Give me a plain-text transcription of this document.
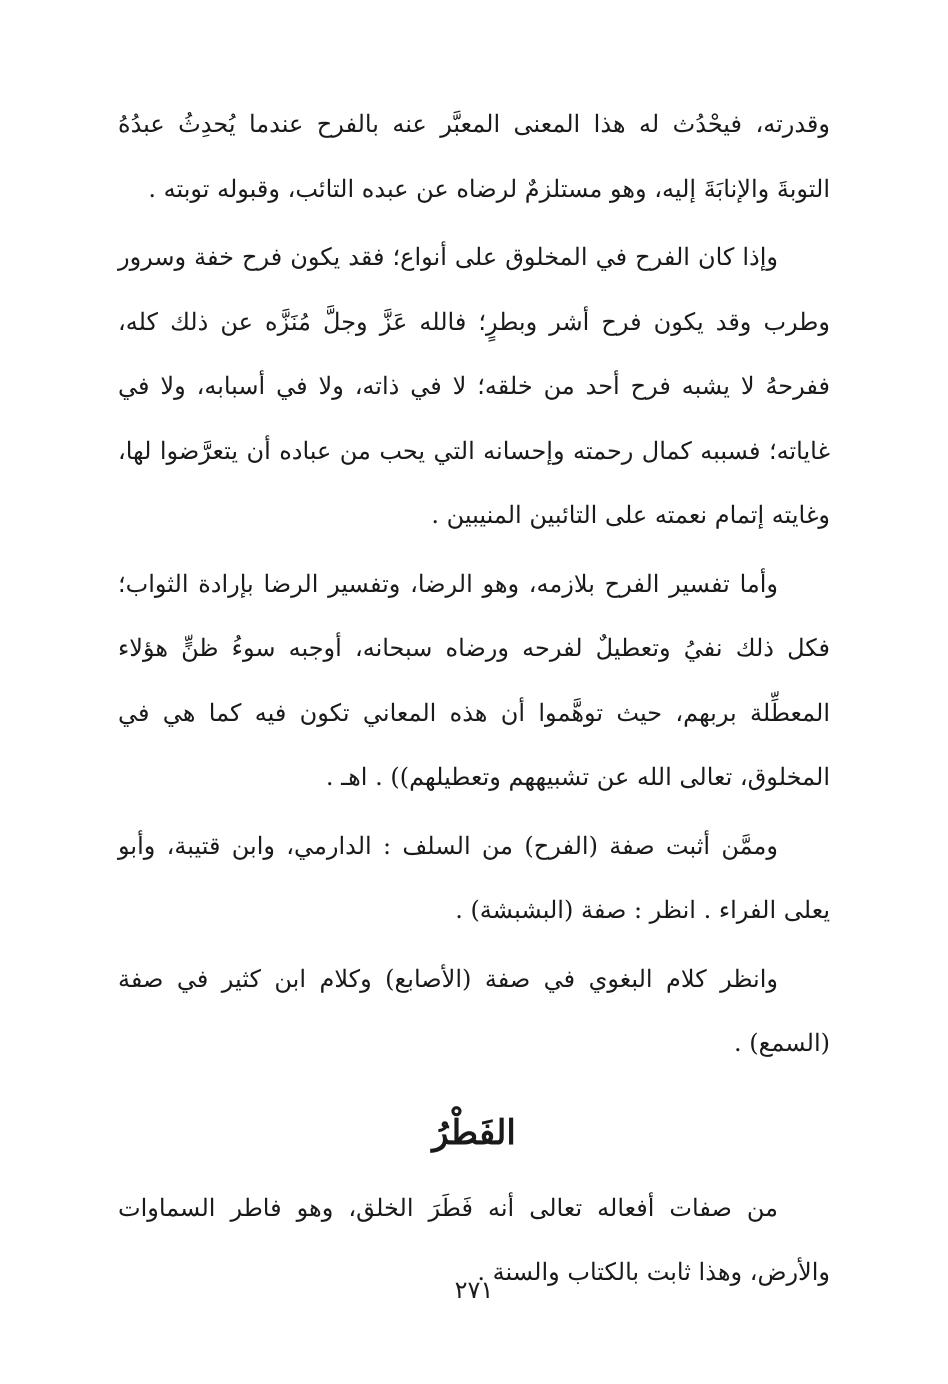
وقدرته، فيحْدُث له هذا المعنى المعبَّر عنه بالفرح عندما يُحدِثُ عبدُهُ التوبةَ والإنابَةَ إليه، وهو مستلزمٌ لرضاه عن عبده التائب، وقبوله توبته .

وإذا كان الفرح في المخلوق على أنواع؛ فقد يكون فرح خفة وسرور وطرب وقد يكون فرح أشر وبطرٍ؛ فالله عَزَّ وجلَّ مُنَزَّه عن ذلك كله، ففرحهُ لا يشبه فرح أحد من خلقه؛ لا في ذاته، ولا في أسبابه، ولا في غاياته؛ فسببه كمال رحمته وإحسانه التي يحب من عباده أن يتعرَّضوا لها، وغايته إتمام نعمته على التائبين المنيبين .

وأما تفسير الفرح بلازمه، وهو الرضا، وتفسير الرضا بإرادة الثواب؛ فكل ذلك نفيُ وتعطيلٌ لفرحه ورضاه سبحانه، أوجبه سوءُ ظنٍّ هؤلاء المعطِّلة بربهم، حيث توهَّموا أن هذه المعاني تكون فيه كما هي في المخلوق، تعالى الله عن تشبيههم وتعطيلهم)) . اهـ .

وممَّن أثبت صفة (الفرح) من السلف : الدارمي، وابن قتيبة، وأبو يعلى الفراء . انظر : صفة (البشبشة) .

وانظر كلام البغوي في صفة (الأصابع) وكلام ابن كثير في صفة (السمع) .

الفَطْرُ

من صفات أفعاله تعالى أنه فَطَرَ الخلق، وهو فاطر السماوات والأرض، وهذا ثابت بالكتاب والسنة .

٢٧١
